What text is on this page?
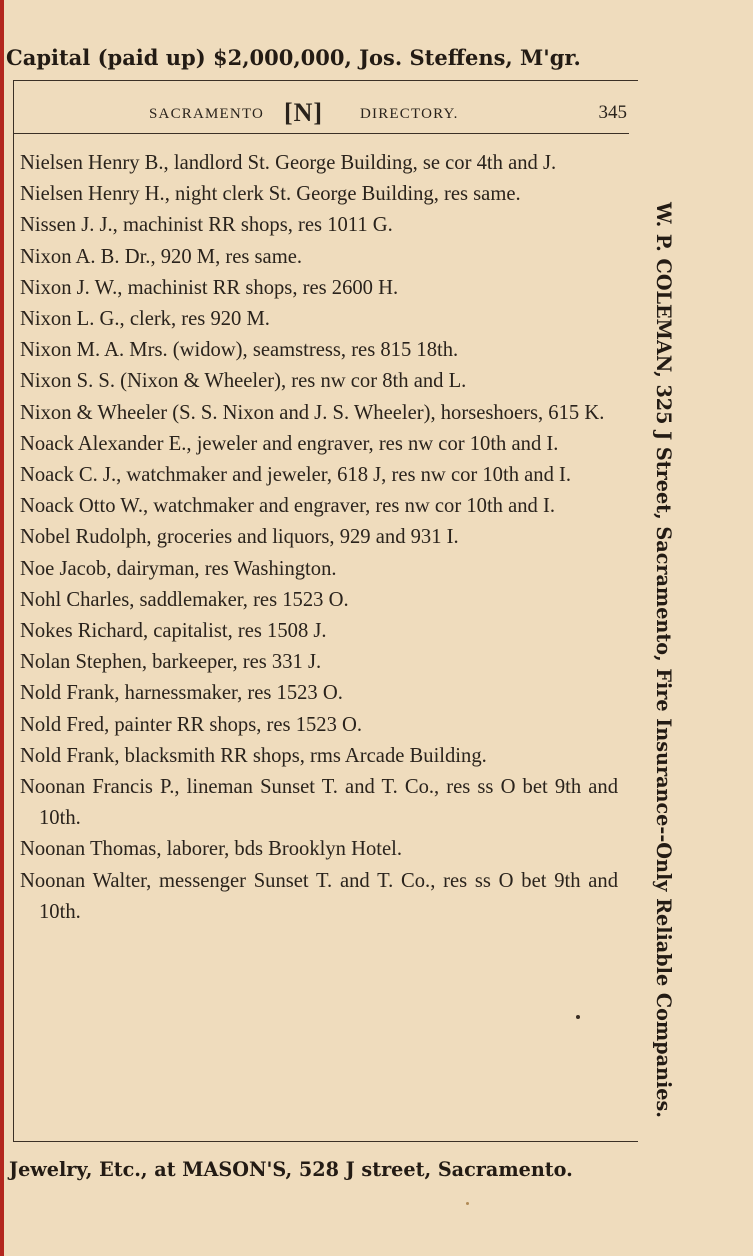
Capital (paid up) $2,000,000, Jos. Steffens, M'gr.
SACRAMENTO [N] DIRECTORY.	345
Nielsen Henry B., landlord St. George Building, se cor 4th and J.
Nielsen Henry H., night clerk St. George Building, res same.
Nissen J. J., machinist RR shops, res 1011 G.
Nixon A. B. Dr., 920 M, res same.
Nixon J. W., machinist RR shops, res 2600 H.
Nixon L. G., clerk, res 920 M.
Nixon M. A. Mrs. (widow), seamstress, res 815 18th.
Nixon S. S. (Nixon & Wheeler), res nw cor 8th and L.
Nixon & Wheeler (S. S. Nixon and J. S. Wheeler), horseshoers, 615 K.
Noack Alexander E., jeweler and engraver, res nw cor 10th and I.
Noack C. J., watchmaker and jeweler, 618 J, res nw cor 10th and I.
Noack Otto W., watchmaker and engraver, res nw cor 10th and I.
Nobel Rudolph, groceries and liquors, 929 and 931 I.
Noe Jacob, dairyman, res Washington.
Nohl Charles, saddlemaker, res 1523 O.
Nokes Richard, capitalist, res 1508 J.
Nolan Stephen, barkeeper, res 331 J.
Nold Frank, harnessmaker, res 1523 O.
Nold Fred, painter RR shops, res 1523 O.
Nold Frank, blacksmith RR shops, rms Arcade Building.
Noonan Francis P., lineman Sunset T. and T. Co., res ss O bet 9th and 10th.
Noonan Thomas, laborer, bds Brooklyn Hotel.
Noonan Walter, messenger Sunset T. and T. Co., res ss O bet 9th and 10th.	W. P. COLEMAN, 325 J Street, Sacramento, Fire Insurance--Only Reliable Companies.
Jewelry, Etc., at MASON'S, 528 J street, Sacramento.
